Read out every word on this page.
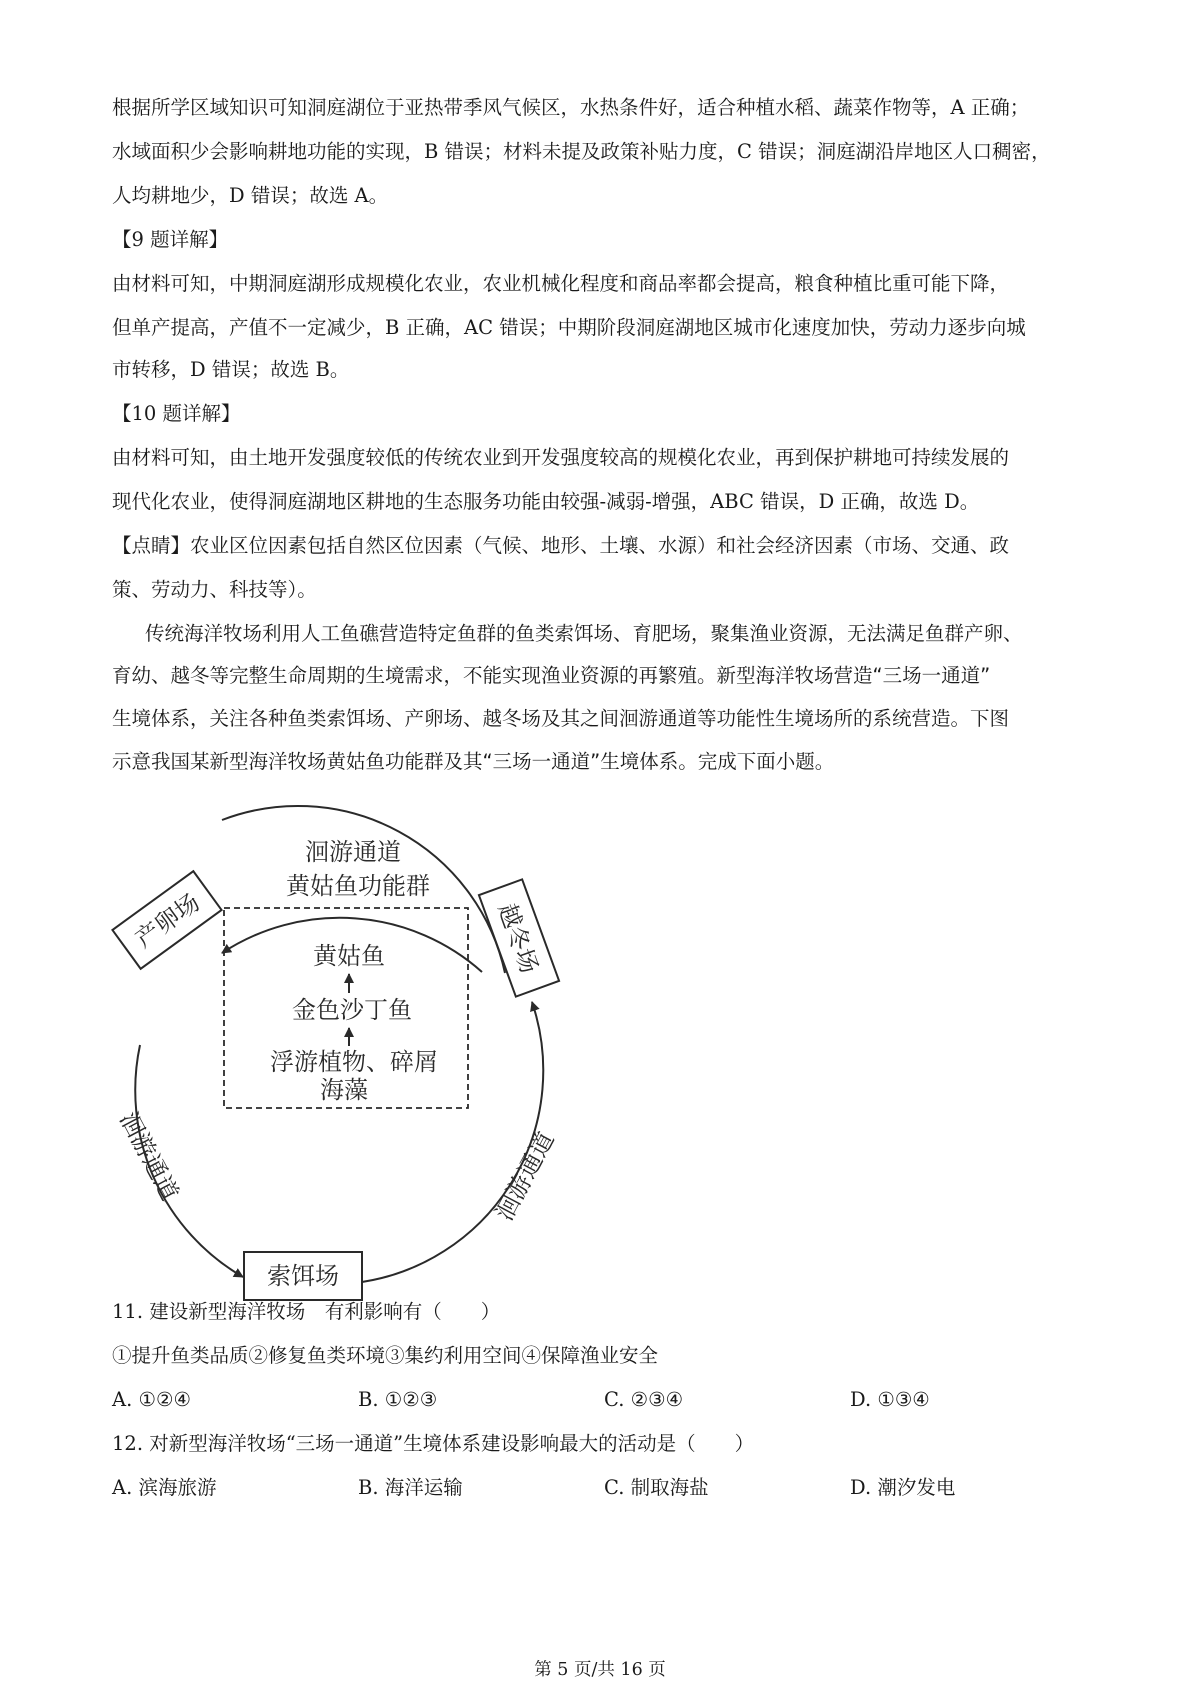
根据所学区域知识可知洞庭湖位于亚热带季风气候区，水热条件好，适合种植水稻、蔬菜作物等，A 正确；
水域面积少会影响耕地功能的实现，B 错误；材料未提及政策补贴力度，C 错误；洞庭湖沿岸地区人口稠密，
人均耕地少，D 错误；故选 A。
【9 题详解】
由材料可知，中期洞庭湖形成规模化农业，农业机械化程度和商品率都会提高，粮食种植比重可能下降，
但单产提高，产值不一定减少，B 正确，AC 错误；中期阶段洞庭湖地区城市化速度加快，劳动力逐步向城
市转移，D 错误；故选 B。
【10 题详解】
由材料可知，由土地开发强度较低的传统农业到开发强度较高的规模化农业，再到保护耕地可持续发展的
现代化农业，使得洞庭湖地区耕地的生态服务功能由较强-减弱-增强，ABC 错误，D 正确，故选 D。
【点睛】农业区位因素包括自然区位因素（气候、地形、土壤、水源）和社会经济因素（市场、交通、政
策、劳动力、科技等）。
传统海洋牧场利用人工鱼礁营造特定鱼群的鱼类索饵场、育肥场，聚集渔业资源，无法满足鱼群产卵、
育幼、越冬等完整生命周期的生境需求，不能实现渔业资源的再繁殖。新型海洋牧场营造“三场一通道”
生境体系，关注各种鱼类索饵场、产卵场、越冬场及其之间洄游通道等功能性生境场所的系统营造。下图
示意我国某新型海洋牧场黄姑鱼功能群及其“三场一通道”生境体系。完成下面小题。
产卵场	越冬场
索饵场
洄游通道
洄游通道	洄游通道
黄姑鱼功能群
黄姑鱼
金色沙丁鱼
浮游植物、碎屑
海藻
11. 建设新型海洋牧场　有利影响有（　　）
①提升鱼类品质②修复鱼类环境③集约利用空间④保障渔业安全
A. ①②④	B. ①②③	C. ②③④	D. ①③④
12. 对新型海洋牧场“三场一通道”生境体系建设影响最大的活动是（　　）
A. 滨海旅游	B. 海洋运输	C. 制取海盐	D. 潮汐发电
第 5 页/共 16 页
